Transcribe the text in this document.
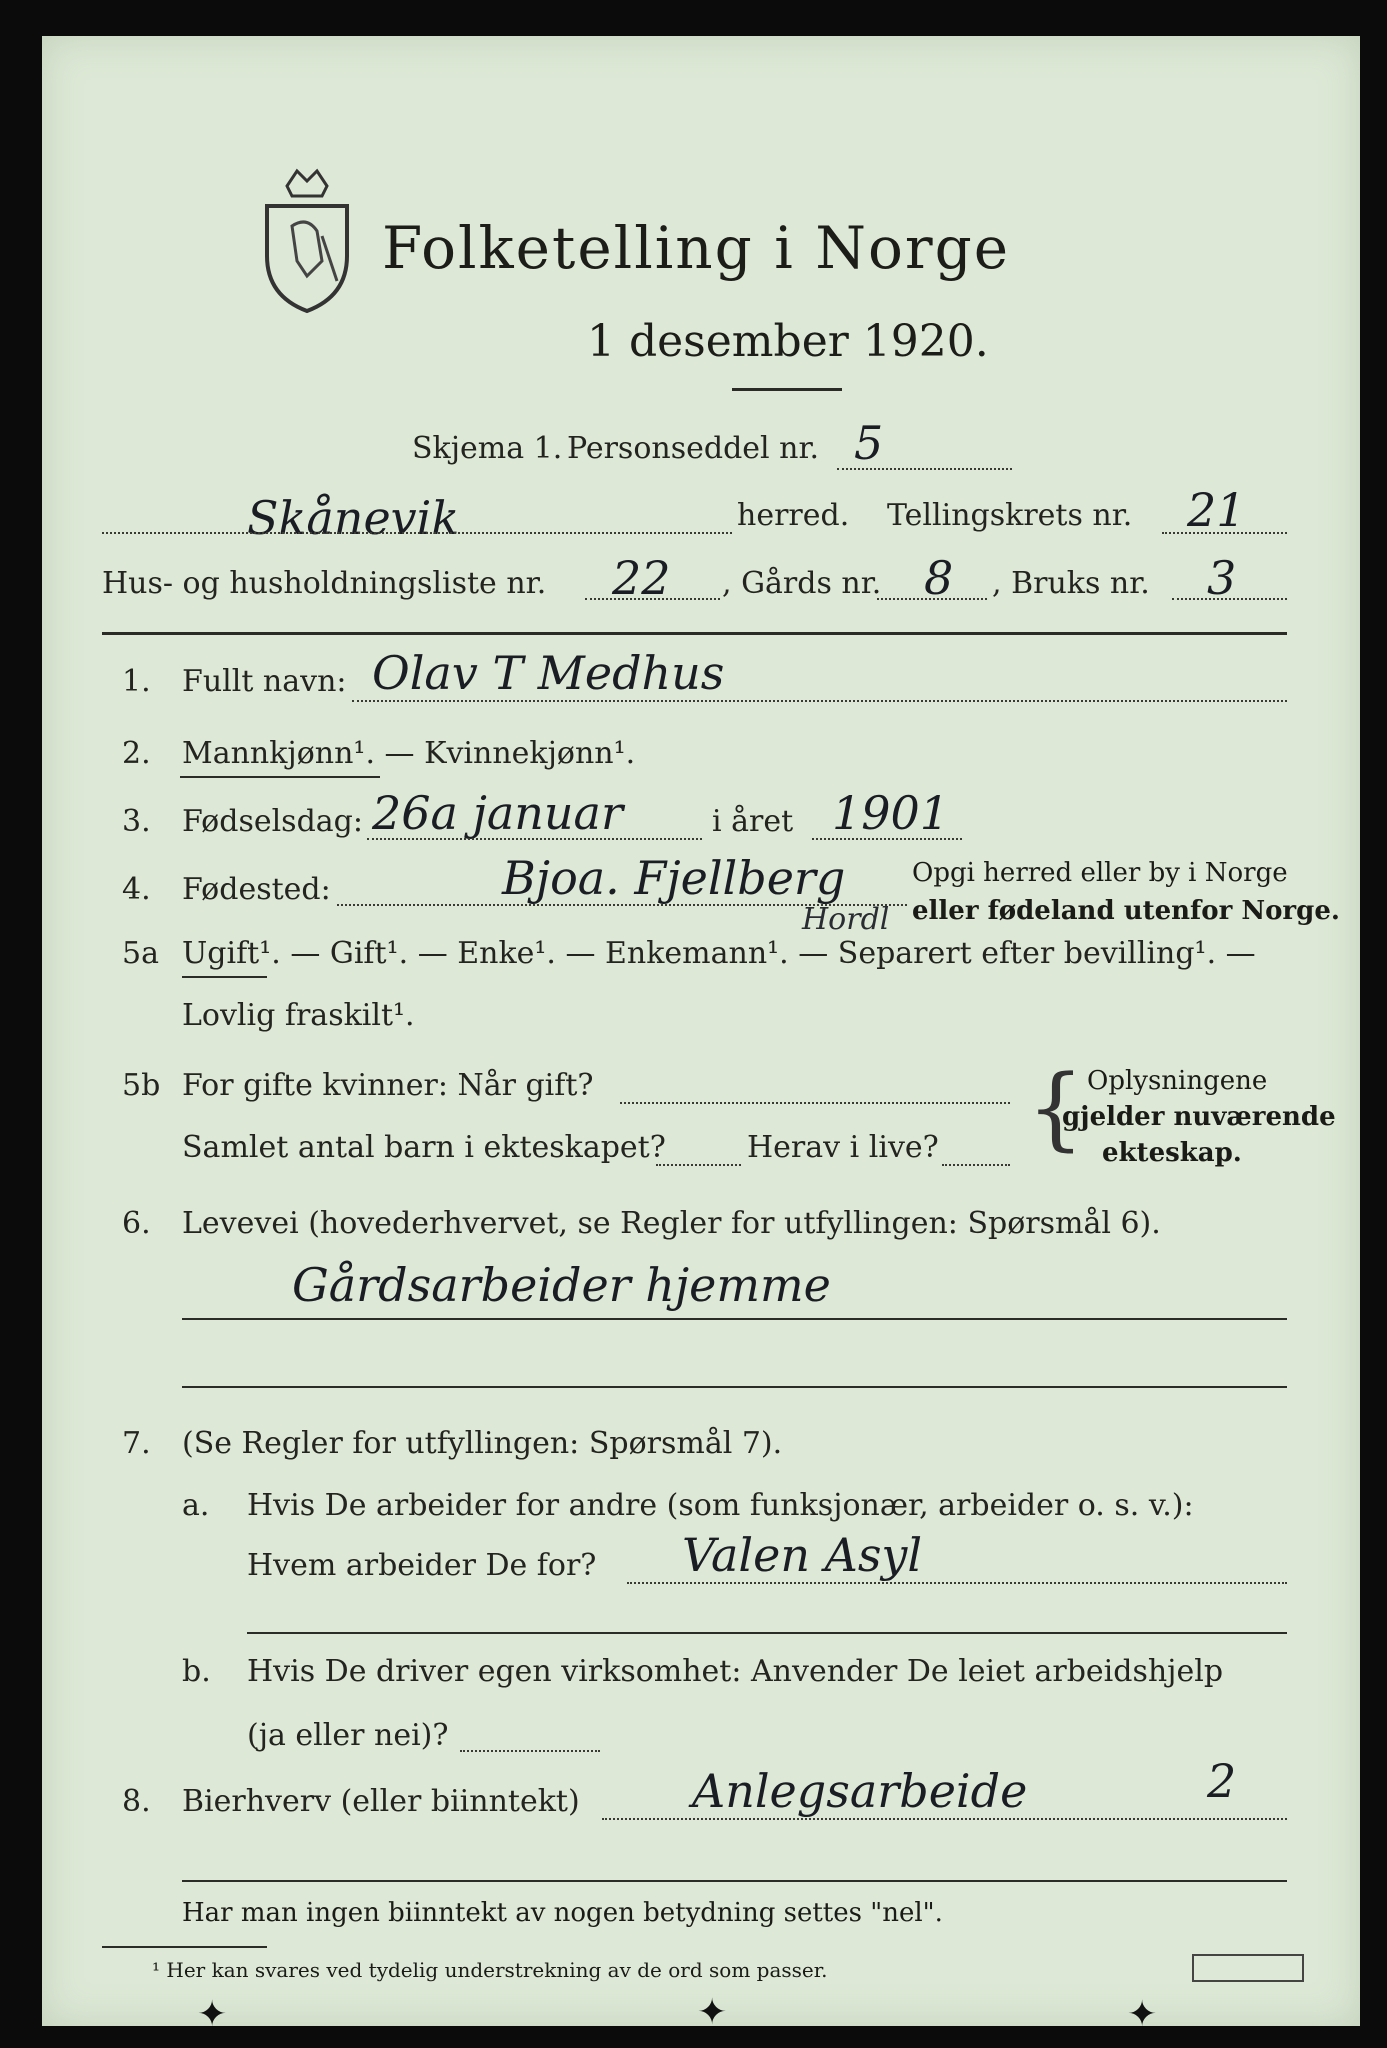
Folketelling i Norge
1 desember 1920.
Skjema 1. Personseddel nr. 5
Skånevik	herred. Tellingskrets nr. 21
Hus- og husholdningsliste nr. 22 , Gårds nr. 8 , Bruks nr. 3
1. Fullt navn: Olav T Medhus
2. Mannkjønn¹. — Kvinnekjønn¹.
3. Fødselsdag: 26a januar	i året 1901
4. Fødested:	Bjoa. Fjellberg
Hordl
Opgi herred eller by i Norge
eller fødeland utenfor Norge.
5a Ugift¹. — Gift¹. — Enke¹. — Enkemann¹. — Separert efter bevilling¹. —
Lovlig fraskilt¹.
5b For gifte kvinner: Når gift?
Samlet antal barn i ekteskapet?	Herav i live? { Oplysningene
gjelder nuværende
ekteskap.
6. Levevei (hovederhvervet, se Regler for utfyllingen: Spørsmål 6).
Gårdsarbeider hjemme
7. (Se Regler for utfyllingen: Spørsmål 7).
a. Hvis De arbeider for andre (som funksjonær, arbeider o. s. v.):
Hvem arbeider De for? Valen Asyl
b. Hvis De driver egen virksomhet: Anvender De leiet arbeidshjelp
(ja eller nei)?
8. Bierhverv (eller biinntekt) Anlegsarbeide	2
Har man ingen biinntekt av nogen betydning settes "nel".
¹ Her kan svares ved tydelig understrekning av de ord som passer.
✦	✦	✦
